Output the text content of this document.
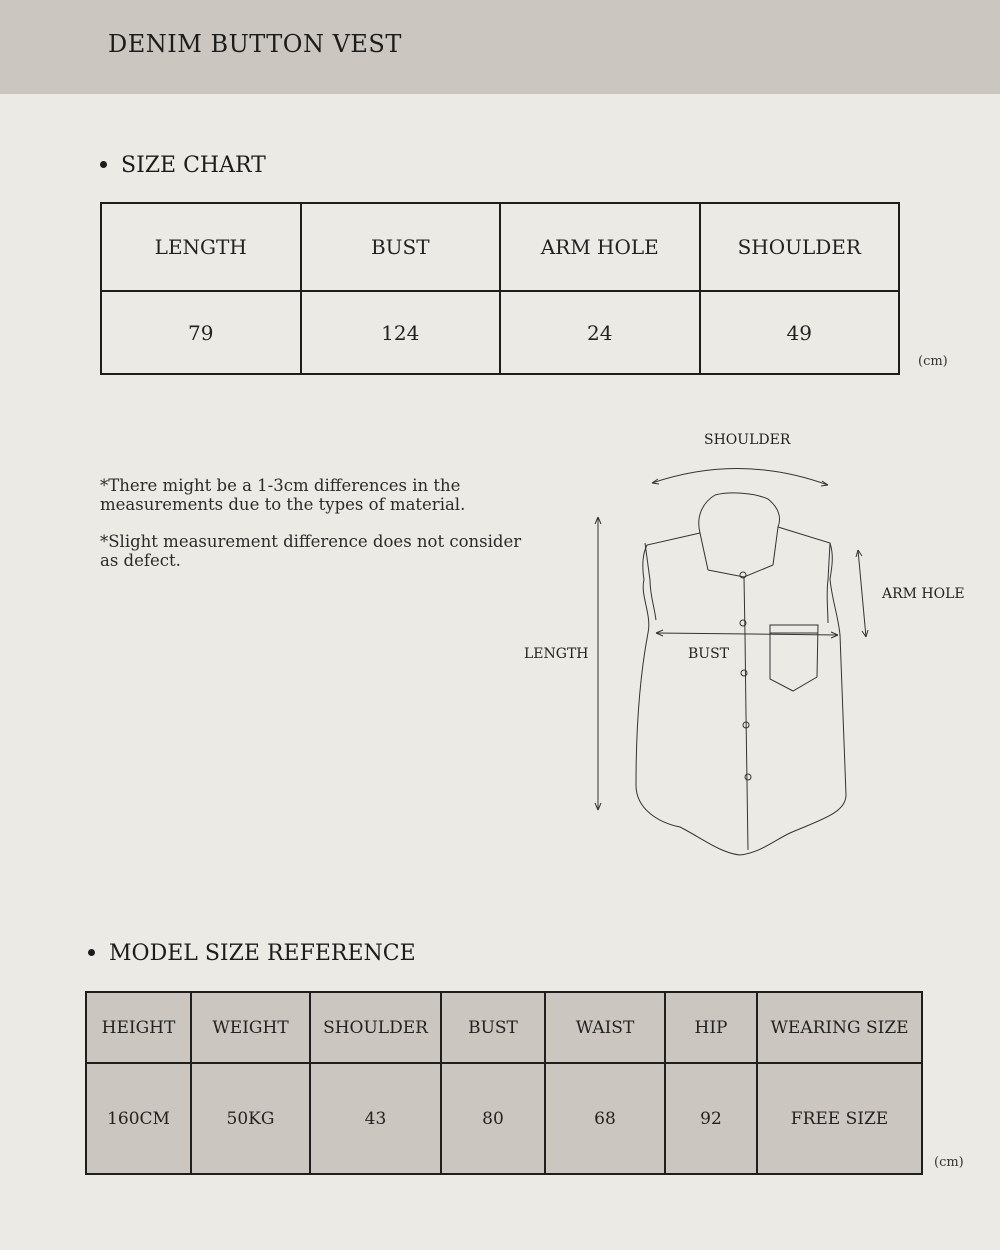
DENIM BUTTON VEST
SIZE CHART
LENGTH	BUST	ARM HOLE	SHOULDER
79	124	24	49
(cm)
*There might be a 1-3cm differences in the measurements due to the types of material.
*Slight measurement difference does not consider as defect.
SHOULDER
ARM HOLE
LENGTH	BUST
MODEL SIZE REFERENCE
HEIGHT	WEIGHT	SHOULDER	BUST	WAIST	HIP	WEARING SIZE
160CM	50KG	43	80	68	92	FREE SIZE
(cm)
